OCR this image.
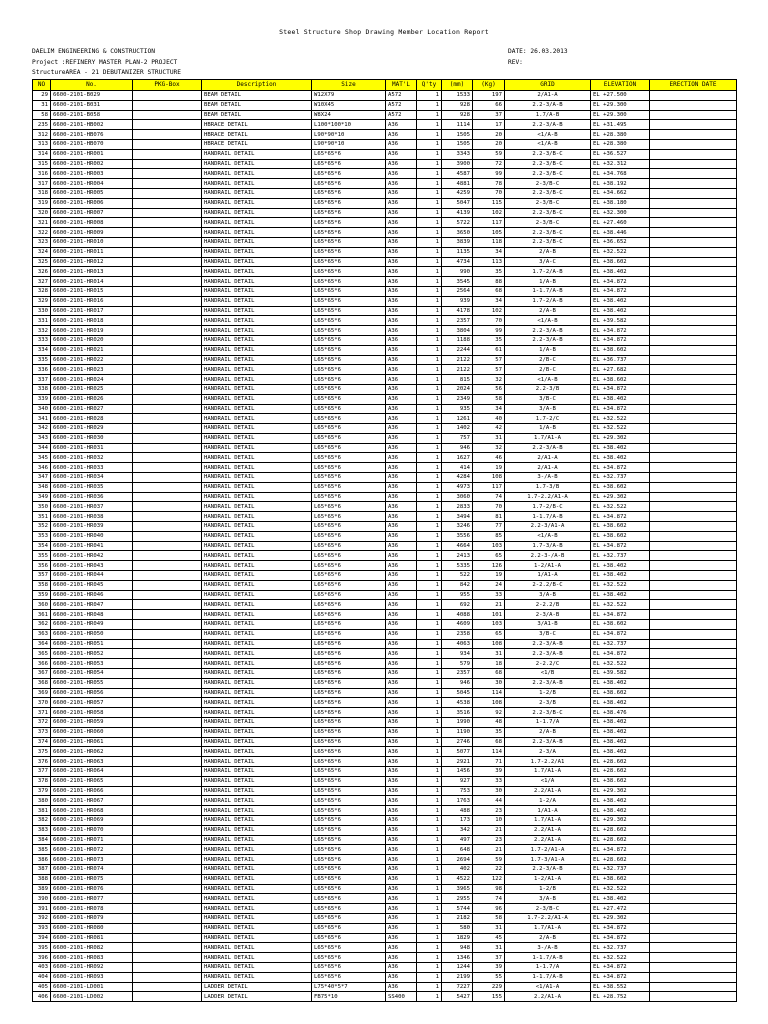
Steel Structure Shop Drawing Member Location Report
DAELIM ENGINEERING & CONSTRUCTION
Project :REFINERY MASTER PLAN-2 PROJECT
StructureAREA - 21 DEBUTANIZER STRUCTURE
DATE: 26.03.2013
REV:
NO	No.	PKG-Box	Description	Size	MAT'L	Q'ty	(mm)	(Kg)	GRID	ELEVATION	ERECTION DATE
29	6600-2101-B029		BEAM DETAIL	W12X79	A572	1	1533	197	2/A1-A	EL +27.500	
31	6600-2101-B031		BEAM DETAIL	W10X45	A572	1	928	66	2.2-3/A-B	EL +29.300	
58	6600-2101-B058		BEAM DETAIL	W8X24	A572	1	928	37	1.7/A-B	EL +29.300	
235	6600-2101-HB002		HBRACE DETAIL	L100*100*10	A36	1	1114	17	2.2-3/A-B	EL +31.495	
312	6600-2101-HB076		HBRACE DETAIL	L90*90*10	A36	1	1505	20	<1/A-B	EL +28.380	
313	6600-2101-HB070		HBRACE DETAIL	L90*90*10	A36	1	1505	20	<1/A-B	EL +28.380	
314	6600-2101-HR001		HANDRAIL DETAIL	L65*65*6	A36	1	3343	59	2.2-3/B-C	EL +36.527	
315	6600-2101-HR002		HANDRAIL DETAIL	L65*65*6	A36	1	3900	72	2.2-3/B-C	EL +32.312	
316	6600-2101-HR003		HANDRAIL DETAIL	L65*65*6	A36	1	4587	99	2.2-3/B-C	EL +34.768	
317	6600-2101-HR004		HANDRAIL DETAIL	L65*65*6	A36	1	4881	78	2-3/B-C	EL +38.192	
318	6600-2101-HR005		HANDRAIL DETAIL	L65*65*6	A36	1	4259	70	2.2-3/B-C	EL +34.662	
319	6600-2101-HR006		HANDRAIL DETAIL	L65*65*6	A36	1	5047	115	2-3/B-C	EL +38.180	
320	6600-2101-HR007		HANDRAIL DETAIL	L65*65*6	A36	1	4139	102	2.2-3/B-C	EL +32.300	
321	6600-2101-HR008		HANDRAIL DETAIL	L65*65*6	A36	1	5722	117	2-3/B-C	EL +27.460	
322	6600-2101-HR009		HANDRAIL DETAIL	L65*65*6	A36	1	3650	105	2.2-3/B-C	EL +38.446	
323	6600-2101-HR010		HANDRAIL DETAIL	L65*65*6	A36	1	3839	118	2.2-3/B-C	EL +36.652	
324	6600-2101-HR011		HANDRAIL DETAIL	L65*65*6	A36	1	1135	34	2/A-B	EL +32.522	
325	6600-2101-HR012		HANDRAIL DETAIL	L65*65*6	A36	1	4734	113	3/A-C	EL +38.602	
326	6600-2101-HR013		HANDRAIL DETAIL	L65*65*6	A36	1	990	35	1.7-2/A-B	EL +38.402	
327	6600-2101-HR014		HANDRAIL DETAIL	L65*65*6	A36	1	3545	88	1/A-B	EL +34.872	
328	6600-2101-HR015		HANDRAIL DETAIL	L65*65*6	A36	1	2564	68	1-1.7/A-B	EL +34.872	
329	6600-2101-HR016		HANDRAIL DETAIL	L65*65*6	A36	1	939	34	1.7-2/A-B	EL +38.402	
330	6600-2101-HR017		HANDRAIL DETAIL	L65*65*6	A36	1	4178	102	2/A-B	EL +38.402	
331	6600-2101-HR018		HANDRAIL DETAIL	L65*65*6	A36	1	2357	70	<1/A-B	EL +39.582	
332	6600-2101-HR019		HANDRAIL DETAIL	L65*65*6	A36	1	3804	99	2.2-3/A-B	EL +34.872	
333	6600-2101-HR020		HANDRAIL DETAIL	L65*65*6	A36	1	1188	35	2.2-3/A-B	EL +34.872	
334	6600-2101-HR021		HANDRAIL DETAIL	L65*65*6	A36	1	2244	61	1/A-B	EL +38.602	
335	6600-2101-HR022		HANDRAIL DETAIL	L65*65*6	A36	1	2122	57	2/B-C	EL +36.737	
336	6600-2101-HR023		HANDRAIL DETAIL	L65*65*6	A36	1	2122	57	2/B-C	EL +27.682	
337	6600-2101-HR024		HANDRAIL DETAIL	L65*65*6	A36	1	815	32	<1/A-B	EL +38.602	
338	6600-2101-HR025		HANDRAIL DETAIL	L65*65*6	A36	1	2024	56	2.2-3/B	EL +34.872	
339	6600-2101-HR026		HANDRAIL DETAIL	L65*65*6	A36	1	2349	58	3/B-C	EL +38.402	
340	6600-2101-HR027		HANDRAIL DETAIL	L65*65*6	A36	1	935	34	3/A-B	EL +34.872	
341	6600-2101-HR028		HANDRAIL DETAIL	L65*65*6	A36	1	1261	40	1.7-2/C	EL +32.522	
342	6600-2101-HR029		HANDRAIL DETAIL	L65*65*6	A36	1	1402	42	1/A-B	EL +32.522	
343	6600-2101-HR030		HANDRAIL DETAIL	L65*65*6	A36	1	757	31	1.7/A1-A	EL +29.302	
344	6600-2101-HR031		HANDRAIL DETAIL	L65*65*6	A36	1	946	32	2.2-3/A-B	EL +38.402	
345	6600-2101-HR032		HANDRAIL DETAIL	L65*65*6	A36	1	1627	46	2/A1-A	EL +38.402	
346	6600-2101-HR033		HANDRAIL DETAIL	L65*65*6	A36	1	414	19	2/A1-A	EL +34.872	
347	6600-2101-HR034		HANDRAIL DETAIL	L65*65*6	A36	1	4284	108	3-/A-B	EL +32.737	
348	6600-2101-HR035		HANDRAIL DETAIL	L65*65*6	A36	1	4973	117	1.7-3/B	EL +38.602	
349	6600-2101-HR036		HANDRAIL DETAIL	L65*65*6	A36	1	3060	74	1.7-2.2/A1-A	EL +29.302	
350	6600-2101-HR037		HANDRAIL DETAIL	L65*65*6	A36	1	2833	70	1.7-2/B-C	EL +32.522	
351	6600-2101-HR038		HANDRAIL DETAIL	L65*65*6	A36	1	3494	81	1-1.7/A-B	EL +34.872	
352	6600-2101-HR039		HANDRAIL DETAIL	L65*65*6	A36	1	3246	77	2.2-3/A1-A	EL +38.602	
353	6600-2101-HR040		HANDRAIL DETAIL	L65*65*6	A36	1	3556	85	<1/A-B	EL +38.602	
354	6600-2101-HR041		HANDRAIL DETAIL	L65*65*6	A36	1	4664	103	1.7-3/A-B	EL +34.872	
355	6600-2101-HR042		HANDRAIL DETAIL	L65*65*6	A36	1	2413	65	2.2-3-/A-B	EL +32.737	
356	6600-2101-HR043		HANDRAIL DETAIL	L65*65*6	A36	1	5335	126	1-2/A1-A	EL +38.402	
357	6600-2101-HR044		HANDRAIL DETAIL	L65*65*6	A36	1	522	19	1/A1-A	EL +38.402	
358	6600-2101-HR045		HANDRAIL DETAIL	L65*65*6	A36	1	842	24	2-2.2/B-C	EL +32.522	
359	6600-2101-HR046		HANDRAIL DETAIL	L65*65*6	A36	1	955	33	3/A-B	EL +38.402	
360	6600-2101-HR047		HANDRAIL DETAIL	L65*65*6	A36	1	692	21	2-2.2/B	EL +32.522	
361	6600-2101-HR048		HANDRAIL DETAIL	L65*65*6	A36	1	4088	101	2-3/A-B	EL +34.872	
362	6600-2101-HR049		HANDRAIL DETAIL	L65*65*6	A36	1	4609	103	3/A1-B	EL +38.602	
363	6600-2101-HR050		HANDRAIL DETAIL	L65*65*6	A36	1	2358	65	3/B-C	EL +34.872	
364	6600-2101-HR051		HANDRAIL DETAIL	L65*65*6	A36	1	4063	108	2.2-3/A-B	EL +32.737	
365	6600-2101-HR052		HANDRAIL DETAIL	L65*65*6	A36	1	934	31	2.2-3/A-B	EL +34.872	
366	6600-2101-HR053		HANDRAIL DETAIL	L65*65*6	A36	1	579	18	2-2.2/C	EL +32.522	
367	6600-2101-HR054		HANDRAIL DETAIL	L65*65*6	A36	1	2357	68	<1/B	EL +39.582	
368	6600-2101-HR055		HANDRAIL DETAIL	L65*65*6	A36	1	946	30	2.2-3/A-B	EL +38.402	
369	6600-2101-HR056		HANDRAIL DETAIL	L65*65*6	A36	1	5045	114	1-2/B	EL +38.602	
370	6600-2101-HR057		HANDRAIL DETAIL	L65*65*6	A36	1	4538	108	2-3/B	EL +38.402	
371	6600-2101-HR058		HANDRAIL DETAIL	L65*65*6	A36	1	3516	92	2.2-3/B-C	EL +38.476	
372	6600-2101-HR059		HANDRAIL DETAIL	L65*65*6	A36	1	1990	48	1-1.7/A	EL +38.402	
373	6600-2101-HR060		HANDRAIL DETAIL	L65*65*6	A36	1	1190	35	2/A-B	EL +38.402	
374	6600-2101-HR061		HANDRAIL DETAIL	L65*65*6	A36	1	2746	68	2.2-3/A-B	EL +38.402	
375	6600-2101-HR062		HANDRAIL DETAIL	L65*65*6	A36	1	5077	114	2-3/A	EL +38.402	
376	6600-2101-HR063		HANDRAIL DETAIL	L65*65*6	A36	1	2921	71	1.7-2.2/A1	EL +28.602	
377	6600-2101-HR064		HANDRAIL DETAIL	L65*65*6	A36	1	1456	39	1.7/A1-A	EL +28.602	
378	6600-2101-HR065		HANDRAIL DETAIL	L65*65*6	A36	1	927	33	<1/A	EL +38.602	
379	6600-2101-HR066		HANDRAIL DETAIL	L65*65*6	A36	1	753	30	2.2/A1-A	EL +29.302	
380	6600-2101-HR067		HANDRAIL DETAIL	L65*65*6	A36	1	1763	44	1-2/A	EL +38.402	
381	6600-2101-HR068		HANDRAIL DETAIL	L65*65*6	A36	1	488	23	1/A1-A	EL +38.402	
382	6600-2101-HR069		HANDRAIL DETAIL	L65*65*6	A36	1	173	10	1.7/A1-A	EL +29.302	
383	6600-2101-HR070		HANDRAIL DETAIL	L65*65*6	A36	1	342	21	2.2/A1-A	EL +28.602	
384	6600-2101-HR071		HANDRAIL DETAIL	L65*65*6	A36	1	497	23	2.2/A1-A	EL +28.602	
385	6600-2101-HR072		HANDRAIL DETAIL	L65*65*6	A36	1	648	21	1.7-2/A1-A	EL +34.872	
386	6600-2101-HR073		HANDRAIL DETAIL	L65*65*6	A36	1	2694	59	1.7-3/A1-A	EL +28.602	
387	6600-2101-HR074		HANDRAIL DETAIL	L65*65*6	A36	1	402	22	2.2-3/A-B	EL +32.737	
388	6600-2101-HR075		HANDRAIL DETAIL	L65*65*6	A36	1	4522	122	1-2/A1-A	EL +38.602	
389	6600-2101-HR076		HANDRAIL DETAIL	L65*65*6	A36	1	3965	98	1-2/B	EL +32.522	
390	6600-2101-HR077		HANDRAIL DETAIL	L65*65*6	A36	1	2955	74	3/A-B	EL +38.402	
391	6600-2101-HR078		HANDRAIL DETAIL	L65*65*6	A36	1	5744	96	2-3/B-C	EL +27.472	
392	6600-2101-HR079		HANDRAIL DETAIL	L65*65*6	A36	1	2182	58	1.7-2.2/A1-A	EL +29.302	
393	6600-2101-HR080		HANDRAIL DETAIL	L65*65*6	A36	1	580	31	1.7/A1-A	EL +34.872	
394	6600-2101-HR081		HANDRAIL DETAIL	L65*65*6	A36	1	1829	45	2/A-B	EL +34.872	
395	6600-2101-HR082		HANDRAIL DETAIL	L65*65*6	A36	1	948	31	3-/A-B	EL +32.737	
396	6600-2101-HR083		HANDRAIL DETAIL	L65*65*6	A36	1	1346	37	1-1.7/A-B	EL +32.522	
403	6600-2101-HR092		HANDRAIL DETAIL	L65*65*6	A36	1	1244	39	1-1.7/A	EL +34.872	
404	6600-2101-HR093		HANDRAIL DETAIL	L65*65*6	A36	1	2199	55	1-1.7/A-B	EL +34.872	
405	6600-2101-LD001		LADDER DETAIL	L75*40*5*7	A36	1	7227	229	<1/A1-A	EL +38.552	
406	6600-2101-LD002		LADDER DETAIL	FB75*10	SS400	1	5427	155	2.2/A1-A	EL +28.752	
